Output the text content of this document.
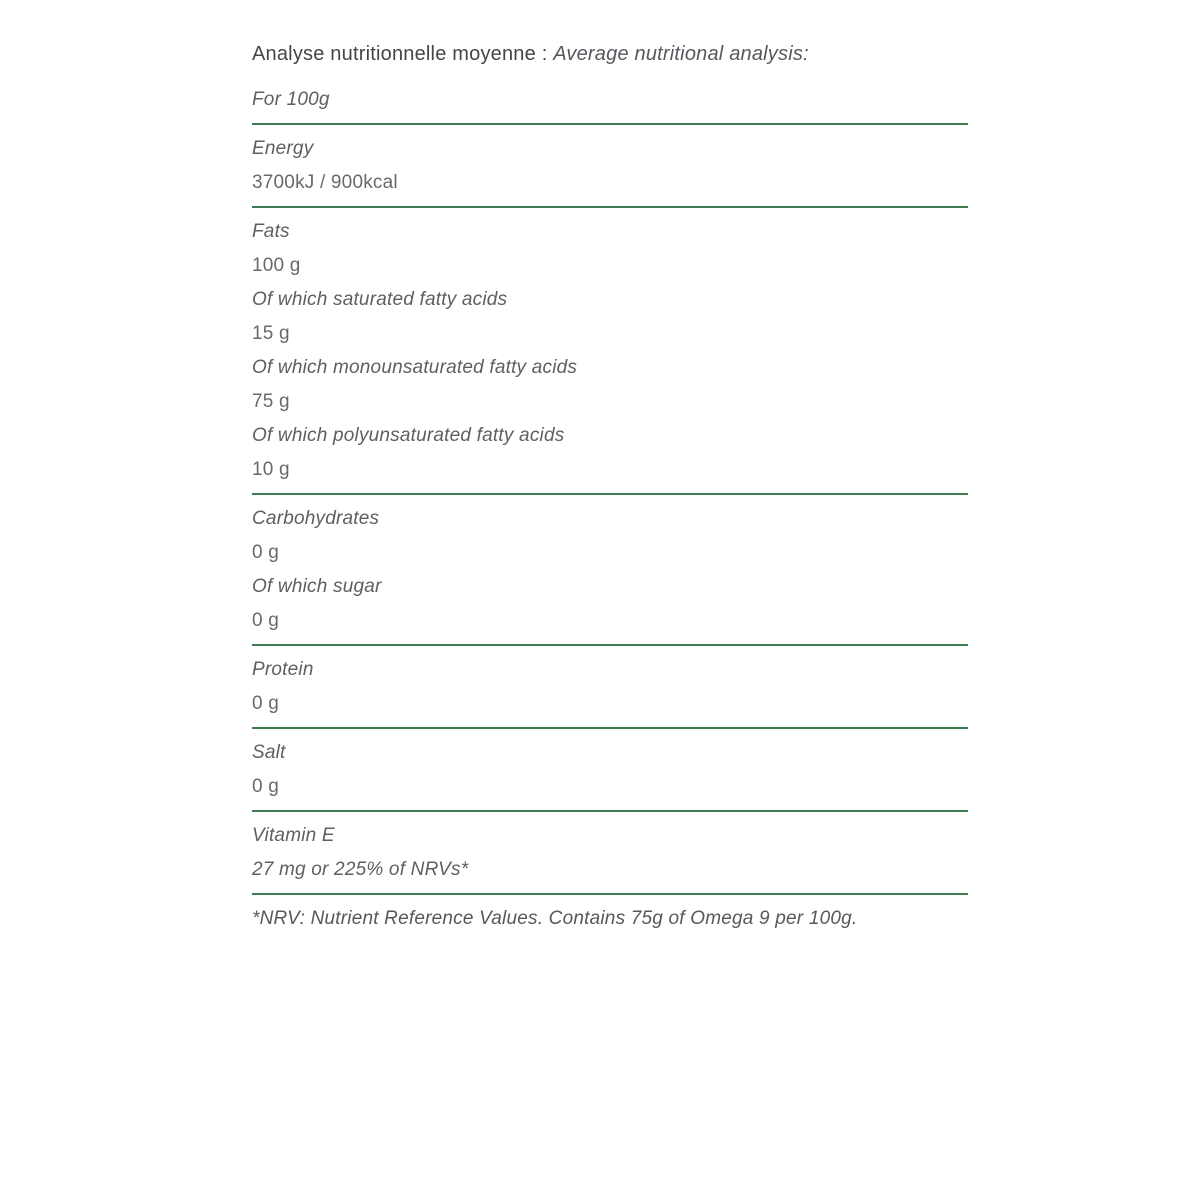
Analyse nutritionnelle moyenne : Average nutritional analysis:

For 100g

Energy

3700kJ / 900kcal

Fats

100 g

Of which saturated fatty acids

15 g

Of which monounsaturated fatty acids

75 g

Of which polyunsaturated fatty acids

10 g

Carbohydrates

0 g

Of which sugar

0 g

Protein

0 g

Salt

0 g

Vitamin E

27 mg or 225% of NRVs*

*NRV: Nutrient Reference Values. Contains 75g of Omega 9 per 100g.
